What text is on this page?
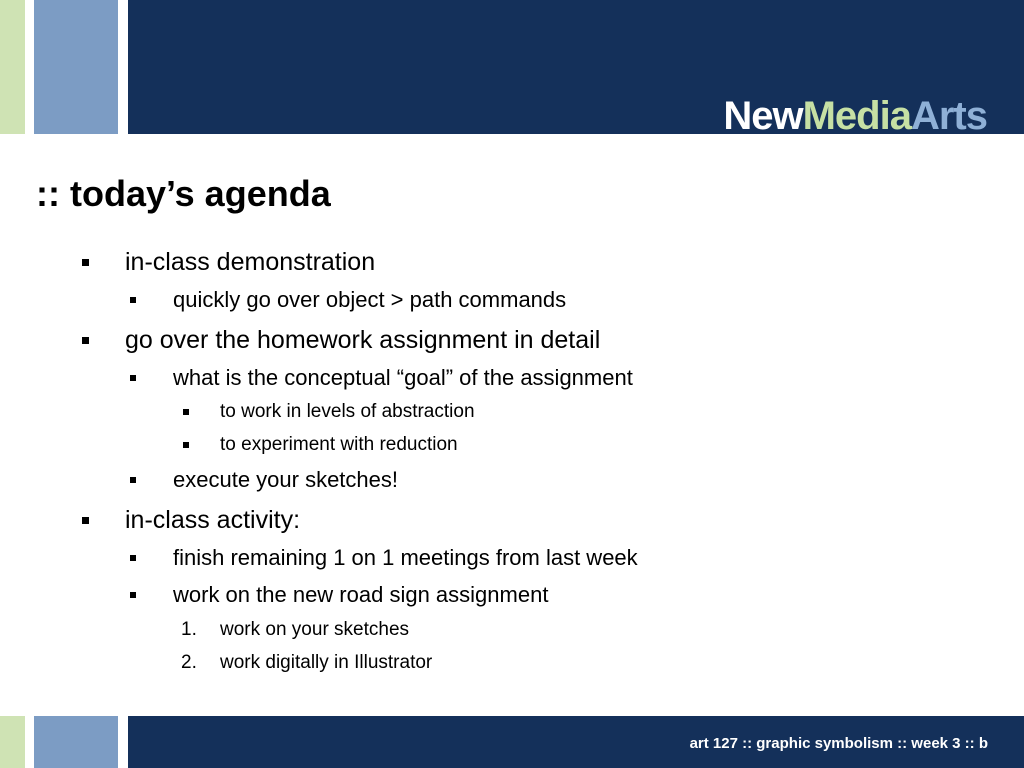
NewMediaArts
:: today’s agenda
in-class demonstration
quickly go over object > path commands
go over the homework assignment in detail
what is the conceptual “goal” of the assignment
to work in levels of abstraction
to experiment with reduction
execute your sketches!
in-class activity:
finish remaining 1 on 1 meetings from last week
work on the new road sign assignment
1. work on your sketches
2. work digitally in Illustrator
art 127 :: graphic symbolism :: week 3 :: b
